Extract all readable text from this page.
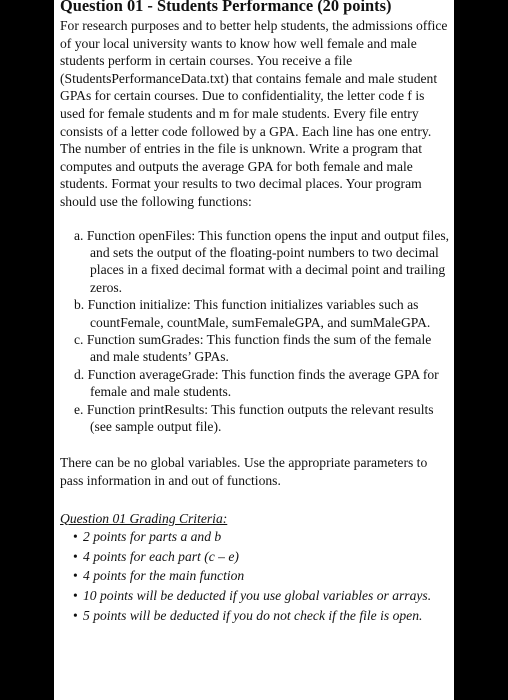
Question 01 - Students Performance (20 points)

For research purposes and to better help students, the admissions office of your local university wants to know how well female and male students perform in certain courses. You receive a file (StudentsPerformanceData.txt) that contains female and male student GPAs for certain courses. Due to confidentiality, the letter code f is used for female students and m for male students. Every file entry consists of a letter code followed by a GPA. Each line has one entry. The number of entries in the file is unknown. Write a program that computes and outputs the average GPA for both female and male students. Format your results to two decimal places. Your program should use the following functions:

a. Function openFiles: This function opens the input and output files, and sets the output of the floating-point numbers to two decimal places in a fixed decimal format with a decimal point and trailing zeros.
b. Function initialize: This function initializes variables such as countFemale, countMale, sumFemaleGPA, and sumMaleGPA.
c. Function sumGrades: This function finds the sum of the female and male students’ GPAs.
d. Function averageGrade: This function finds the average GPA for female and male students.
e. Function printResults: This function outputs the relevant results (see sample output file).

There can be no global variables. Use the appropriate parameters to pass information in and out of functions.

Question 01 Grading Criteria:
• 2 points for parts a and b
• 4 points for each part (c – e)
• 4 points for the main function
• 10 points will be deducted if you use global variables or arrays.
• 5 points will be deducted if you do not check if the file is open.
